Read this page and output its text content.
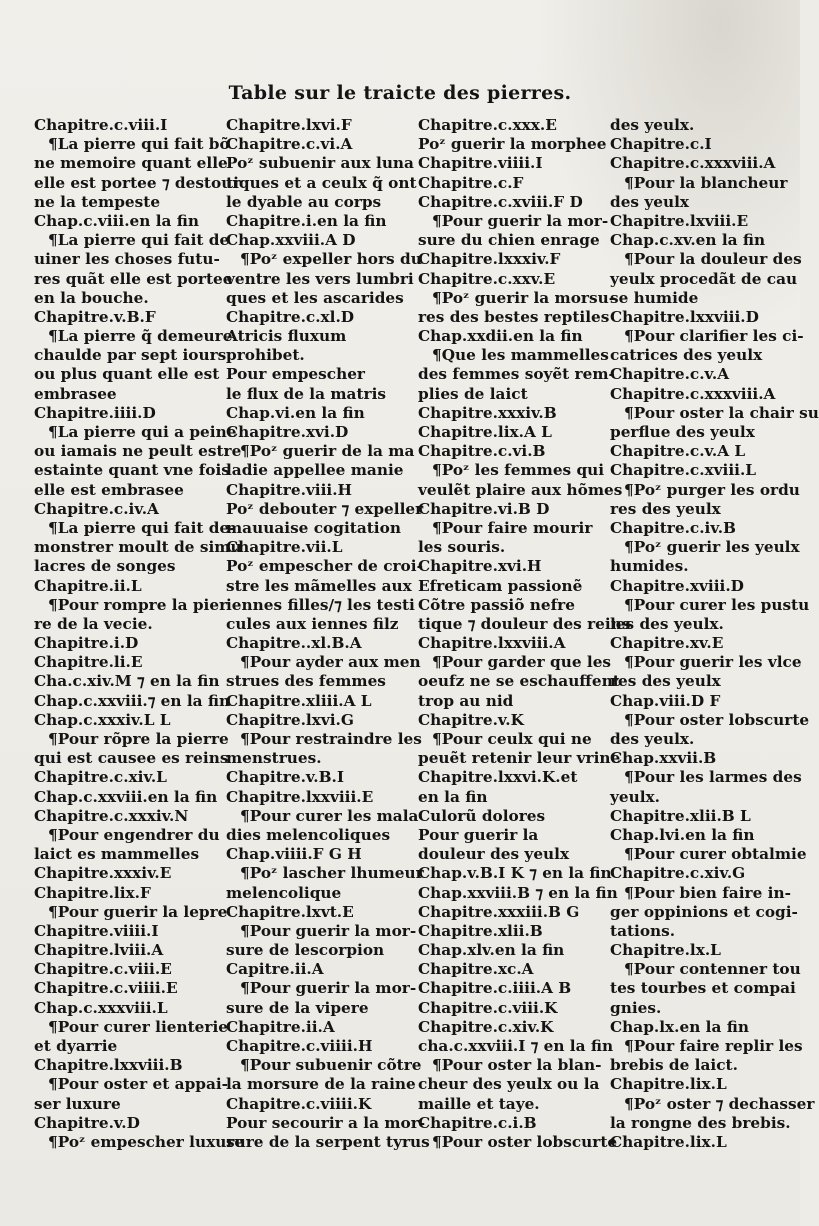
Table sur le traicte des pierres.
Chapitre.c.viii.I
¶La pierre qui fait bõ
ne memoire quant elle
elle est portee ⁊ destour
ne la tempeste
Chap.c.viii.en la fin
¶La pierre qui fait de
uiner les choses futu-
res quãt elle est portee
en la bouche.
Chapitre.v.B.F
¶La pierre q̃ demeure
chaulde par sept iours
ou plus quant elle est
embrasee
Chapitre.iiii.D
¶La pierre qui a peine
ou iamais ne peult estre
estainte quant vne fois
elle est embrasee
Chapitre.c.iv.A
¶La pierre qui fait de-
monstrer moult de simu
lacres de songes
Chapitre.ii.L
¶Pour rompre la pier
re de la vecie.
Chapitre.i.D
Chapitre.li.E
Cha.c.xiv.M ⁊ en la fin
Chap.c.xxviii.⁊ en la fin
Chap.c.xxxiv.L L
¶Pour rõpre la pierre
qui est causee es reins
Chapitre.c.xiv.L
Chap.c.xxviii.en la fin
Chapitre.c.xxxiv.N
¶Pour engendrer du
laict es mammelles
Chapitre.xxxiv.E
Chapitre.lix.F
¶Pour guerir la lepre
Chapitre.viiii.I
Chapitre.lviii.A
Chapitre.c.viii.E
Chapitre.c.viiii.E
Chap.c.xxxviii.L
¶Pour curer lienterie
et dyarrie
Chapitre.lxxviii.B
¶Pour oster et appai-
ser luxure
Chapitre.v.D
¶Poᶻ empescher luxure
Chapitre.lxvi.F
Chapitre.c.vi.A
Poᶻ subuenir aux luna
tiques et a ceulx q̃ ont
le dyable au corps
Chapitre.i.en la fin
Chap.xxviii.A D
¶Poᶻ expeller hors du
ventre les vers lumbri
ques et les ascarides
Chapitre.c.xl.D
Atricis fluxum
prohibet.
Pour empescher
le flux de la matris
Chap.vi.en la fin
Chapitre.xvi.D
¶Poᶻ guerir de la ma
ladie appellee manie
Chapitre.viii.H
Poᶻ debouter ⁊ expeller
mauuaise cogitation
Chapitre.vii.L
Poᶻ empescher de croi-
stre les mãmelles aux
iennes filles/⁊ les testi
cules aux iennes filz
Chapitre..xl.B.A
¶Pour ayder aux men
strues des femmes
Chapitre.xliii.A L
Chapitre.lxvi.G
¶Pour restraindre les
menstrues.
Chapitre.v.B.I
Chapitre.lxxviii.E
¶Pour curer les mala
dies melencoliques
Chap.viiii.F G H
¶Poᶻ lascher lhumeur
melencolique
Chapitre.lxvt.E
¶Pour guerir la mor-
sure de lescorpion
Capitre.ii.A
¶Pour guerir la mor-
sure de la vipere
Chapitre.ii.A
Chapitre.c.viiii.H
¶Pour subuenir cõtre
la morsure de la raine
Chapitre.c.viiii.K
Pour secourir a la mor-
sure de la serpent tyrus
Chapitre.c.xxx.E
Poᶻ guerir la morphee
Chapitre.viiii.I
Chapitre.c.F
Chapitre.c.xviii.F D
¶Pour guerir la mor-
sure du chien enrage
Chapitre.lxxxiv.F
Chapitre.c.xxv.E
¶Poᶻ guerir la morsu-
res des bestes reptiles
Chap.xxdii.en la fin
¶Que les mammelles
des femmes soyẽt rem-
plies de laict
Chapitre.xxxiv.B
Chapitre.lix.A L
Chapitre.c.vi.B
¶Poᶻ les femmes qui
veulẽt plaire aux hõmes
Chapitre.vi.B D
¶Pour faire mourir
les souris.
Chapitre.xvi.H
Efreticam passionẽ
Cõtre passiõ nefre
tique ⁊ douleur des reins
Chapitre.lxxviii.A
¶Pour garder que les
oeufz ne se eschauffent
trop au nid
Chapitre.v.K
¶Pour ceulx qui ne
peuẽt retenir leur vrine
Chapitre.lxxvi.K.et
en la fin
Culorũ dolores
Pour guerir la
douleur des yeulx
Chap.v.B.I K ⁊ en la fin
Chap.xxviii.B ⁊ en la fin
Chapitre.xxxiii.B G
Chapitre.xlii.B
Chap.xlv.en la fin
Chapitre.xc.A
Chapitre.c.iiii.A B
Chapitre.c.viii.K
Chapitre.c.xiv.K
cha.c.xxviii.I ⁊ en la fin
¶Pour oster la blan-
cheur des yeulx ou la
maille et taye.
Chapitre.c.i.B
¶Pour oster lobscurte
des yeulx.
Chapitre.c.I
Chapitre.c.xxxviii.A
¶Pour la blancheur
des yeulx
Chapitre.lxviii.E
Chap.c.xv.en la fin
¶Pour la douleur des
yeulx procedãt de cau
se humide
Chapitre.lxxviii.D
¶Pour clarifier les ci-
catrices des yeulx
Chapitre.c.v.A
Chapitre.c.xxxviii.A
¶Pour oster la chair su
perflue des yeulx
Chapitre.c.v.A L
Chapitre.c.xviii.L
¶Poᶻ purger les ordu
res des yeulx
Chapitre.c.iv.B
¶Poᶻ guerir les yeulx
humides.
Chapitre.xviii.D
¶Pour curer les pustu
les des yeulx.
Chapitre.xv.E
¶Pour guerir les vlce
res des yeulx
Chap.viii.D F
¶Pour oster lobscurte
des yeulx.
Chap.xxvii.B
¶Pour les larmes des
yeulx.
Chapitre.xlii.B L
Chap.lvi.en la fin
¶Pour curer obtalmie
Chapitre.c.xiv.G
¶Pour bien faire in-
ger oppinions et cogi-
tations.
Chapitre.lx.L
¶Pour contenner tou
tes tourbes et compai
gnies.
Chap.lx.en la fin
¶Pour faire replir les
brebis de laict.
Chapitre.lix.L
¶Poᶻ oster ⁊ dechasser
la rongne des brebis.
Chapitre.lix.L
